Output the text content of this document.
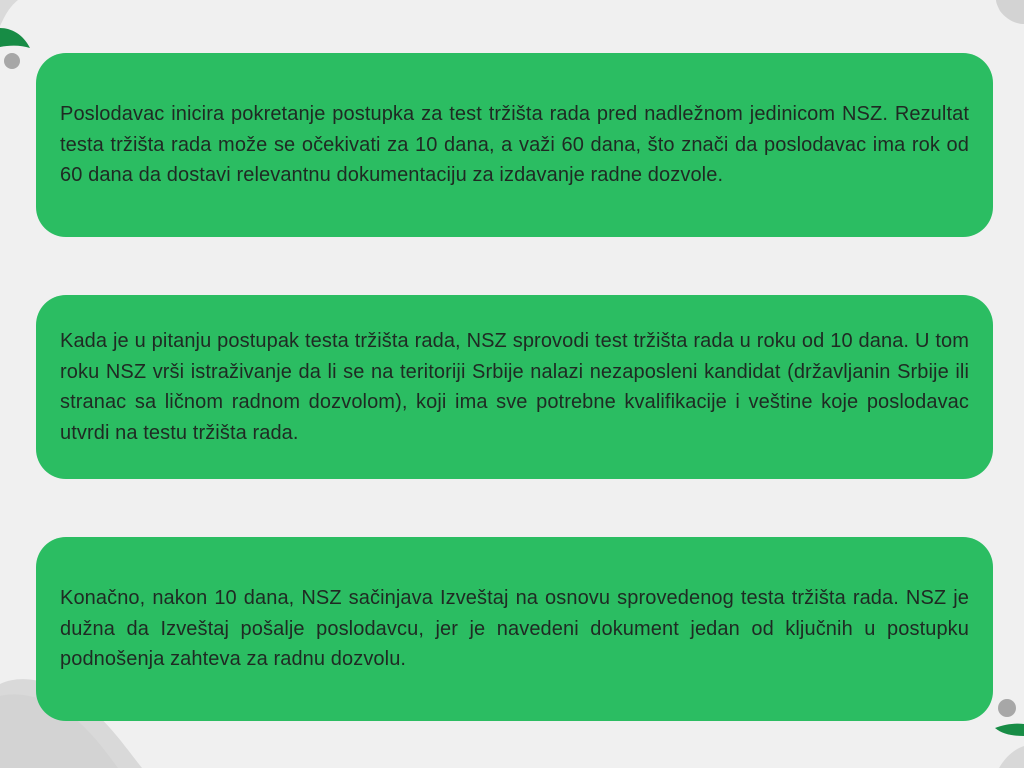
Poslodavac inicira pokretanje postupka za test tržišta rada pred nadležnom jedinicom NSZ. Rezultat testa tržišta rada može se očekivati za 10 dana, a važi 60 dana, što znači da poslodavac ima rok od 60 dana da dostavi relevantnu dokumentaciju za izdavanje radne dozvole.

Kada je u pitanju postupak testa tržišta rada, NSZ sprovodi test tržišta rada u roku od 10 dana. U tom roku NSZ vrši istraživanje da li se na teritoriji Srbije nalazi nezaposleni kandidat (državljanin Srbije ili stranac sa ličnom radnom dozvolom), koji ima sve potrebne kvalifikacije i veštine koje poslodavac utvrdi na testu tržišta rada.

Konačno, nakon 10 dana, NSZ sačinjava Izveštaj na osnovu sprovedenog testa tržišta rada. NSZ je dužna da Izveštaj pošalje poslodavcu, jer je navedeni dokument jedan od ključnih u postupku podnošenja zahteva za radnu dozvolu.
